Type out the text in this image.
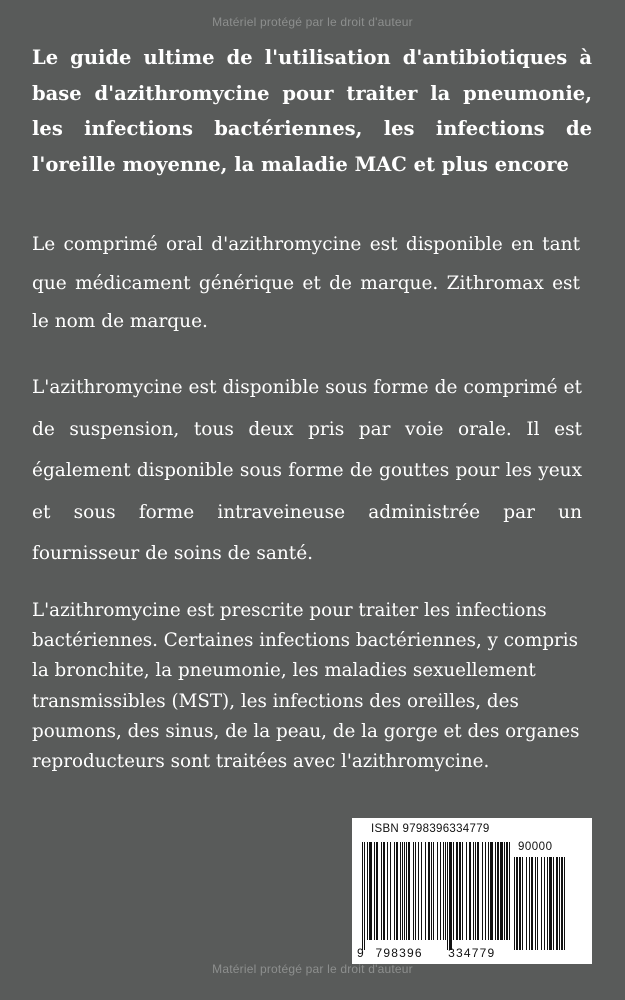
Matériel protégé par le droit d'auteur
Le guide ultime de l'utilisation d'antibiotiques à base d'azithromycine pour traiter la pneumonie, les infections bactériennes, les infections de l'oreille moyenne, la maladie MAC et plus encore
Le comprimé oral d'azithromycine est disponible en tant que médicament générique et de marque. Zithromax est le nom de marque.
L'azithromycine est disponible sous forme de comprimé et de suspension, tous deux pris par voie orale. Il est également disponible sous forme de gouttes pour les yeux et sous forme intraveineuse administrée par un fournisseur de soins de santé.
L'azithromycine est prescrite pour traiter les infections bactériennes. Certaines infections bactériennes, y compris la bronchite, la pneumonie, les maladies sexuellement transmissibles (MST), les infections des oreilles, des poumons, des sinus, de la peau, de la gorge et des organes reproducteurs sont traitées avec l'azithromycine.
ISBN 9798396334779
90000
9 798396 334779
Matériel protégé par le droit d'auteur
